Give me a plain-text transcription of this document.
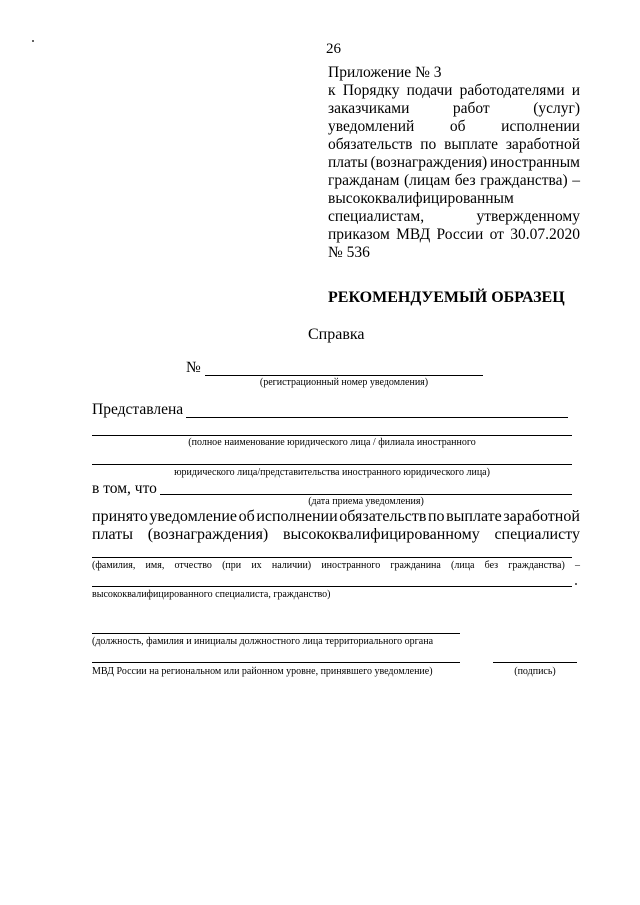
26
Приложение № 3
к Порядку подачи работодателями и
заказчиками	работ	(услуг)
уведомлений об исполнении
обязательств по выплате заработной
платы (вознаграждения) иностранным
гражданам (лицам без гражданства) –
высококвалифицированным
специалистам,	утвержденному
приказом МВД России от 30.07.2020
№ 536
РЕКОМЕНДУЕМЫЙ ОБРАЗЕЦ
Справка
№
(регистрационный номер уведомления)
Представлена
(полное наименование юридического лица / филиала иностранного
юридического лица/представительства иностранного юридического лица)
в том, что
(дата приема уведомления)
принято уведомление об исполнении обязательств по выплате заработной
платы (вознаграждения) высококвалифицированному специалисту
(фамилия, имя, отчество (при их наличии) иностранного гражданина (лица без гражданства) –
высококвалифицированного специалиста, гражданство)
(должность, фамилия и инициалы должностного лица территориального органа
МВД России на региональном или районном уровне, принявшего уведомление)	(подпись)
